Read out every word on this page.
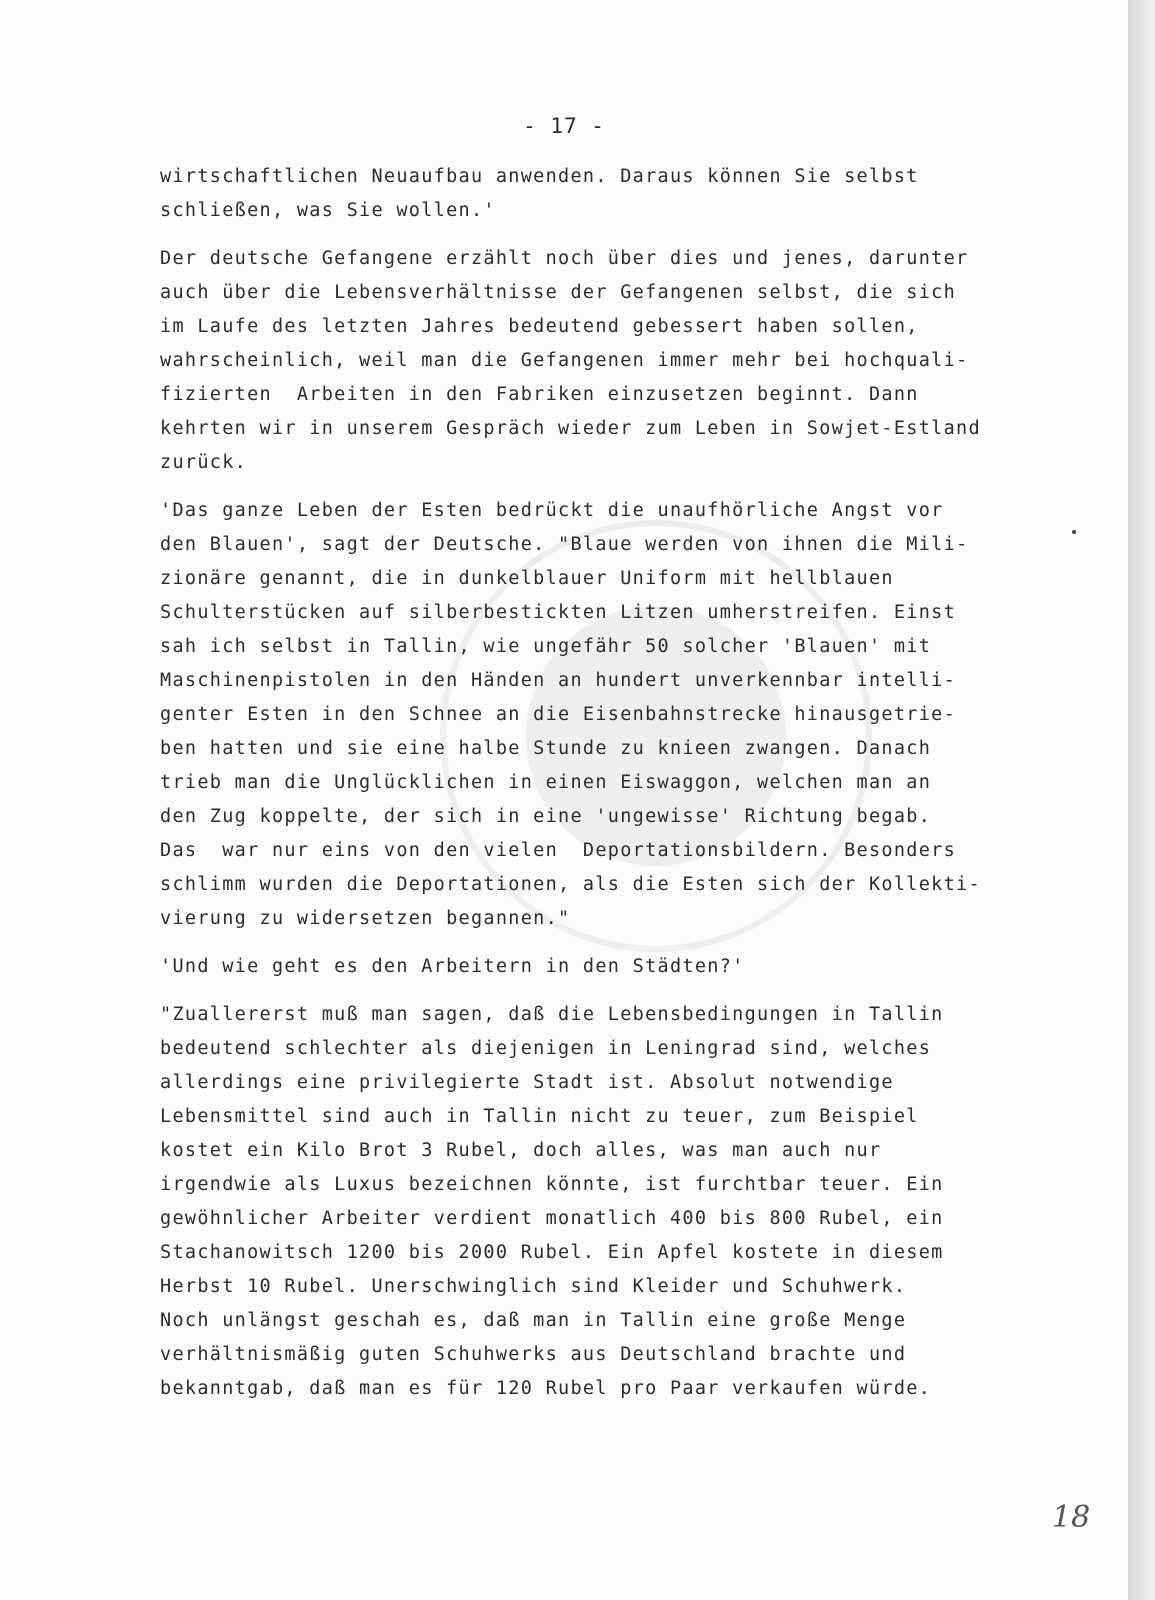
- 17 -
wirtschaftlichen Neuaufbau anwenden. Daraus können Sie selbst
schließen, was Sie wollen.'
Der deutsche Gefangene erzählt noch über dies und jenes, darunter
auch über die Lebensverhältnisse der Gefangenen selbst, die sich
im Laufe des letzten Jahres bedeutend gebessert haben sollen,
wahrscheinlich, weil man die Gefangenen immer mehr bei hochquali-
fizierten  Arbeiten in den Fabriken einzusetzen beginnt. Dann
kehrten wir in unserem Gespräch wieder zum Leben in Sowjet-Estland
zurück.
'Das ganze Leben der Esten bedrückt die unaufhörliche Angst vor
den Blauen', sagt der Deutsche. "Blaue werden von ihnen die Mili-
zionäre genannt, die in dunkelblauer Uniform mit hellblauen
Schulterstücken auf silberbestickten Litzen umherstreifen. Einst
sah ich selbst in Tallin, wie ungefähr 50 solcher 'Blauen' mit
Maschinenpistolen in den Händen an hundert unverkennbar intelli-
genter Esten in den Schnee an die Eisenbahnstrecke hinausgetrie-
ben hatten und sie eine halbe Stunde zu knieen zwangen. Danach
trieb man die Unglücklichen in einen Eiswaggon, welchen man an
den Zug koppelte, der sich in eine 'ungewisse' Richtung begab.
Das  war nur eins von den vielen  Deportationsbildern. Besonders
schlimm wurden die Deportationen, als die Esten sich der Kollekti-
vierung zu widersetzen begannen."
'Und wie geht es den Arbeitern in den Städten?'
"Zuallererst muß man sagen, daß die Lebensbedingungen in Tallin
bedeutend schlechter als diejenigen in Leningrad sind, welches
allerdings eine privilegierte Stadt ist. Absolut notwendige
Lebensmittel sind auch in Tallin nicht zu teuer, zum Beispiel
kostet ein Kilo Brot 3 Rubel, doch alles, was man auch nur
irgendwie als Luxus bezeichnen könnte, ist furchtbar teuer. Ein
gewöhnlicher Arbeiter verdient monatlich 400 bis 800 Rubel, ein
Stachanowitsch 1200 bis 2000 Rubel. Ein Apfel kostete in diesem
Herbst 10 Rubel. Unerschwinglich sind Kleider und Schuhwerk.
Noch unlängst geschah es, daß man in Tallin eine große Menge
verhältnismäßig guten Schuhwerks aus Deutschland brachte und
bekanntgab, daß man es für 120 Rubel pro Paar verkaufen würde.
18
